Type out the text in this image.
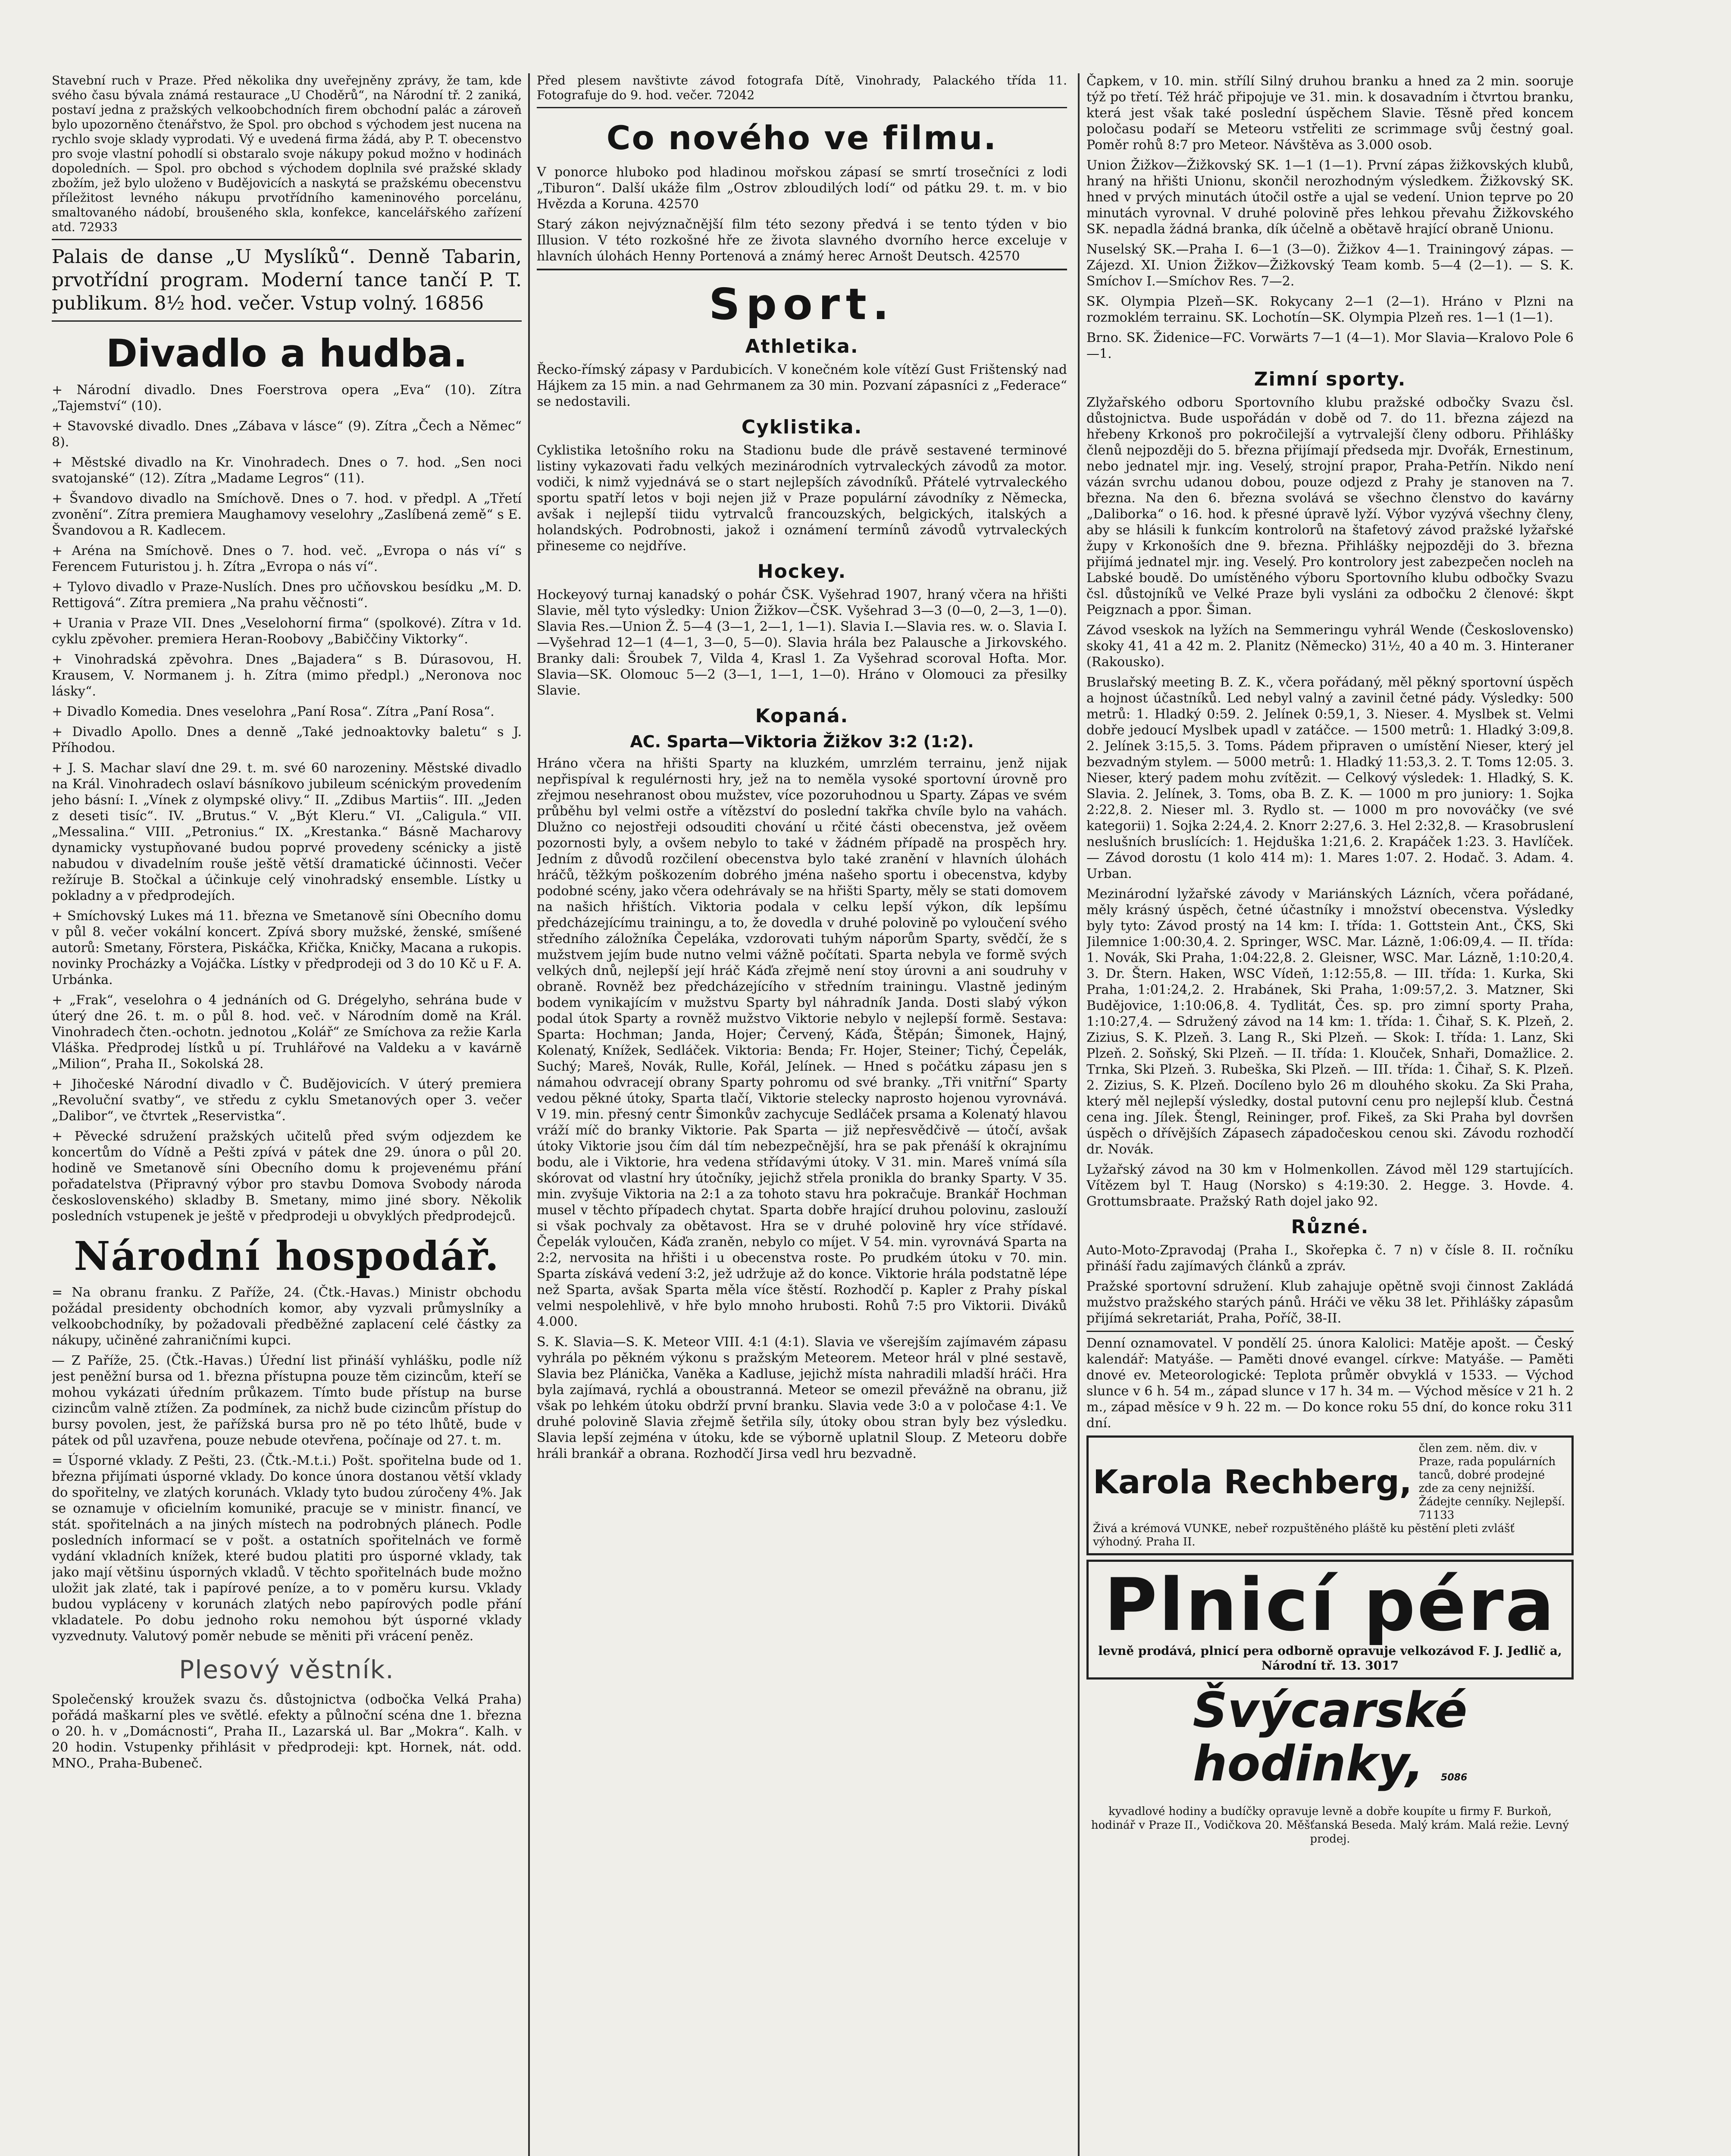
Stavební ruch v Praze. Před několika dny uveřejněny zprávy, že tam, kde svého času bývala známá restaurace „U Choděrů“, na Národní tř. 2 zaniká, postaví jedna z pražských velkoobchodních firem obchodní palác a zároveň bylo upozorněno čtenářstvo, že Spol. pro obchod s východem jest nucena na rychlo svoje sklady vyprodati. Vý e uvedená firma žádá, aby P. T. obecenstvo pro svoje vlastní pohodlí si obstaralo svoje nákupy pokud možno v hodinách dopoledních. — Spol. pro obchod s východem doplnila své pražské sklady zbožím, jež bylo uloženo v Budějovicích a naskytá se pražskému obecenstvu příležitost levného nákupu prvotřídního kameninového porcelánu, smaltovaného nádobí, broušeného skla, konfekce, kancelářského zařízení atd. 72933

Palais de danse „U Myslíků“. Denně Tabarin, prvotřídní program. Moderní tance tančí P. T. publikum. 8½ hod. večer. Vstup volný. 16856

Divadlo a hudba.

+ Národní divadlo. Dnes Foerstrova opera „Eva“ (10). Zítra „Tajemství“ (10).

+ Stavovské divadlo. Dnes „Zábava v lásce“ (9). Zítra „Čech a Němec“ 8).

+ Městské divadlo na Kr. Vinohradech. Dnes o 7. hod. „Sen noci svatojanské“ (12). Zítra „Madame Legros“ (11).

+ Švandovo divadlo na Smíchově. Dnes o 7. hod. v předpl. A „Třetí zvonění“. Zítra premiera Maughamovy veselohry „Zaslíbená země“ s E. Švandovou a R. Kadlecem.

+ Aréna na Smíchově. Dnes o 7. hod. več. „Evropa o nás ví“ s Ferencem Futuristou j. h. Zítra „Evropa o nás ví“.

+ Tylovo divadlo v Praze-Nuslích. Dnes pro učňovskou besídku „M. D. Rettigová“. Zítra premiera „Na prahu věčnosti“.

+ Urania v Praze VII. Dnes „Veselohorní firma“ (spolkové). Zítra v 1d. cyklu zpěvoher. premiera Heran-Roobovy „Babiččiny Viktorky“.

+ Vinohradská zpěvohra. Dnes „Bajadera“ s B. Dúrasovou, H. Krausem, V. Normanem j. h. Zítra (mimo předpl.) „Neronova noc lásky“.

+ Divadlo Komedia. Dnes veselohra „Paní Rosa“. Zítra „Paní Rosa“.

+ Divadlo Apollo. Dnes a denně „Také jednoaktovky baletu“ s J. Příhodou.

+ J. S. Machar slaví dne 29. t. m. své 60 narozeniny. Městské divadlo na Král. Vinohradech oslaví básníkovo jubileum scénickým provedením jeho básní: I. „Vínek z olympské olivy.“ II. „Zdibus Martiis“. III. „Jeden z deseti tisíc“. IV. „Brutus.“ V. „Být Kleru.“ VI. „Caligula.“ VII. „Messalina.“ VIII. „Petronius.“ IX. „Krestanka.“ Básně Macharovy dynamicky vystupňované budou poprvé provedeny scénicky a jistě nabudou v divadelním rouše ještě větší dramatické účinnosti. Večer režíruje B. Stočkal a účinkuje celý vinohradský ensemble. Lístky u pokladny a v předprodejích.

+ Smíchovský Lukes má 11. března ve Smetanově síni Obecního domu v půl 8. večer vokální koncert. Zpívá sbory mužské, ženské, smíšené autorů: Smetany, Förstera, Piskáčka, Křička, Kničky, Macana a rukopis. novinky Procházky a Vojáčka. Lístky v předprodeji od 3 do 10 Kč u F. A. Urbánka.

+ „Frak“, veselohra o 4 jednáních od G. Drégelyho, sehrána bude v úterý dne 26. t. m. o půl 8. hod. več. v Národním domě na Král. Vinohradech čten.-ochotn. jednotou „Kolář“ ze Smíchova za režie Karla Vláška. Předprodej lístků u pí. Truhlářové na Valdeku a v kavárně „Milion“, Praha II., Sokolská 28.

+ Jihočeské Národní divadlo v Č. Budějovicích. V úterý premiera „Revoluční svatby“, ve středu z cyklu Smetanových oper 3. večer „Dalibor“, ve čtvrtek „Reservistka“.

+ Pěvecké sdružení pražských učitelů před svým odjezdem ke koncertům do Vídně a Pešti zpívá v pátek dne 29. února o půl 20. hodině ve Smetanově síni Obecního domu k projevenému přání pořadatelstva (Připravný výbor pro stavbu Domova Svobody národa československého) skladby B. Smetany, mimo jiné sbory. Několik posledních vstupenek je ještě v předprodeji u obvyklých předprodejců.

Národní hospodář.

= Na obranu franku. Z Paříže, 24. (Čtk.-Havas.) Ministr obchodu požádal presidenty obchodních komor, aby vyzvali průmyslníky a velkoobchodníky, by požadovali předběžné zaplacení celé částky za nákupy, učiněné zahraničními kupci.

— Z Paříže, 25. (Čtk.-Havas.) Úřední list přináší vyhlášku, podle níž jest peněžní bursa od 1. března přístupna pouze těm cizincům, kteří se mohou vykázati úředním průkazem. Tímto bude přístup na burse cizincům valně ztížen. Za podmínek, za nichž bude cizincům přístup do bursy povolen, jest, že pařížská bursa pro ně po této lhůtě, bude v pátek od půl uzavřena, pouze nebude otevřena, počínaje od 27. t. m.

= Úsporné vklady. Z Pešti, 23. (Čtk.-M.t.i.) Pošt. spořitelna bude od 1. března přijímati úsporné vklady. Do konce února dostanou větší vklady do spořitelny, ve zlatých korunách. Vklady tyto budou zúročeny 4%. Jak se oznamuje v oficielním komuniké, pracuje se v ministr. financí, ve stát. spořitelnách a na jiných místech na podrobných plánech. Podle posledních informací se v pošt. a ostatních spořitelnách ve formě vydání vkladních knížek, které budou platiti pro úsporné vklady, tak jako mají většinu úsporných vkladů. V těchto spořitelnách bude možno uložit jak zlaté, tak i papírové peníze, a to v poměru kursu. Vklady budou vypláceny v korunách zlatých nebo papírových podle přání vkladatele. Po dobu jednoho roku nemohou být úsporné vklady vyzvednuty. Valutový poměr nebude se měniti při vrácení peněz.

Plesový věstník.

Společenský kroužek svazu čs. důstojnictva (odbočka Velká Praha) pořádá maškarní ples ve světlé. efekty a půlnoční scéna dne 1. března o 20. h. v „Domácnosti“, Praha II., Lazarská ul. Bar „Mokra“. Kalh. v 20 hodin. Vstupenky přihlásit v předprodeji: kpt. Hornek, nát. odd. MNO., Praha-Bubeneč.

Před plesem navštivte závod fotografa Dítě, Vinohrady, Palackého třída 11. Fotografuje do 9. hod. večer. 72042

Co nového ve filmu.

V ponorce hluboko pod hladinou mořskou zápasí se smrtí trosečníci z lodi „Tiburon“. Další ukáže film „Ostrov zbloudilých lodí“ od pátku 29. t. m. v bio Hvězda a Koruna. 42570

Starý zákon nejvýznačnější film této sezony předvá i se tento týden v bio Illusion. V této rozkošné hře ze života slavného dvorního herce exceluje v hlavních úlohách Henny Portenová a známý herec Arnošt Deutsch. 42570

Sport.
Athletika.

Řecko-římský zápasy v Pardubicích. V konečném kole vítězí Gust Frištenský nad Hájkem za 15 min. a nad Gehrmanem za 30 min. Pozvaní zápasníci z „Federace“ se nedostavili.

Cyklistika.

Cyklistika letošního roku na Stadionu bude dle právě sestavené terminové listiny vykazovati řadu velkých mezinárodních vytrvaleckých závodů za motor. vodiči, k nimž vyjednává se o start nejlepších závodníků. Přátelé vytrvaleckého sportu spatří letos v boji nejen již v Praze populární závodníky z Německa, avšak i nejlepší tiidu vytrvalců francouzských, belgických, italských a holandských. Podrobnosti, jakož i oznámení termínů závodů vytrvaleckých přineseme co nejdříve.

Hockey.

Hockeyový turnaj kanadský o pohár ČSK. Vyšehrad 1907, hraný včera na hřišti Slavie, měl tyto výsledky: Union Žižkov—ČSK. Vyšehrad 3—3 (0—0, 2—3, 1—0). Slavia Res.—Union Ž. 5—4 (3—1, 2—1, 1—1). Slavia I.—Slavia res. w. o. Slavia I.—Vyšehrad 12—1 (4—1, 3—0, 5—0). Slavia hrála bez Palausche a Jirkovského. Branky dali: Šroubek 7, Vilda 4, Krasl 1. Za Vyšehrad scoroval Hofta. Mor. Slavia—SK. Olomouc 5—2 (3—1, 1—1, 1—0). Hráno v Olomouci za přesilky Slavie.

Kopaná.
AC. Sparta—Viktoria Žižkov 3:2 (1:2).

Hráno včera na hřišti Sparty na kluzkém, umrzlém terrainu, jenž nijak nepřispíval k regulérnosti hry, jež na to neměla vysoké sportovní úrovně pro zřejmou nesehranost obou mužstev, více pozoruhodnou u Sparty. Zápas ve svém průběhu byl velmi ostře a vítězství do poslední takřka chvíle bylo na vahách. Dlužno co nejostřeji odsouditi chování u rčité části obecenstva, jež ověem pozornosti byly, a ovšem nebylo to také v žádném případě na prospěch hry. Jedním z důvodů rozčilení obecenstva bylo také zranění v hlavních úlohách hráčů, těžkým poškozením dobrého jména našeho sportu i obecenstva, kdyby podobné scény, jako včera odehrávaly se na hřišti Sparty, měly se stati domovem na našich hřištích. Viktoria podala v celku lepší výkon, dík lepšímu předcházejícímu trainingu, a to, že dovedla v druhé polovině po vyloučení svého středního záložníka Čepeláka, vzdorovati tuhým náporům Sparty, svědčí, že s mužstvem jejím bude nutno velmi vážně počítati. Sparta nebyla ve formě svých velkých dnů, nejlepší její hráč Káďa zřejmě není stoy úrovni a ani soudruhy v obraně. Rovněž bez předcházejícího v středním trainingu. Vlastně jediným bodem vynikajícím v mužstvu Sparty byl náhradník Janda. Dosti slabý výkon podal útok Sparty a rovněž mužstvo Viktorie nebylo v nejlepší formě. Sestava: Sparta: Hochman; Janda, Hojer; Červený, Káďa, Štěpán; Šimonek, Hajný, Kolenatý, Knížek, Sedláček. Viktoria: Benda; Fr. Hojer, Steiner; Tichý, Čepelák, Suchý; Mareš, Novák, Rulle, Kořál, Jelínek. — Hned s počátku zápasu jen s námahou odvracejí obrany Sparty pohromu od své branky. „Tři vnitřní“ Sparty vedou pěkné útoky, Sparta tlačí, Viktorie stelecky naprosto hojenou vyrovnává. V 19. min. přesný centr Šimonkův zachycuje Sedláček prsama a Kolenatý hlavou vráží míč do branky Viktorie. Pak Sparta — již nepřesvědčivě — útočí, avšak útoky Viktorie jsou čím dál tím nebezpečnější, hra se pak přenáší k okrajnímu bodu, ale i Viktorie, hra vedena střídavými útoky. V 31. min. Mareš vnímá síla skórovat od vlastní hry útočníky, jejichž střela pronikla do branky Sparty. V 35. min. zvyšuje Viktoria na 2:1 a za tohoto stavu hra pokračuje. Brankář Hochman musel v těchto případech chytat. Sparta dobře hrající druhou polovinu, zaslouží si však pochvaly za obětavost. Hra se v druhé polovině hry více střídavé. Čepelák vyloučen, Káďa zraněn, nebylo co míjet. V 54. min. vyrovnává Sparta na 2:2, nervosita na hřišti i u obecenstva roste. Po prudkém útoku v 70. min. Sparta získává vedení 3:2, jež udržuje až do konce. Viktorie hrála podstatně lépe než Sparta, avšak Sparta měla více štěstí. Rozhodčí p. Kapler z Prahy pískal velmi nespolehlivě, v hře bylo mnoho hrubosti. Rohů 7:5 pro Viktorii. Diváků 4.000.

S. K. Slavia—S. K. Meteor VIII. 4:1 (4:1). Slavia ve všerejším zajímavém zápasu vyhrála po pěkném výkonu s pražským Meteorem. Meteor hrál v plné sestavě, Slavia bez Plánička, Vaněka a Kadluse, jejichž místa nahradili mladší hráči. Hra byla zajímavá, rychlá a oboustranná. Meteor se omezil převážně na obranu, již však po lehkém útoku obdrží první branku. Slavia vede 3:0 a v poločase 4:1. Ve druhé polovině Slavia zřejmě šetřila síly, útoky obou stran byly bez výsledku. Slavia lepší zejména v útoku, kde se výborně uplatnil Sloup. Z Meteoru dobře hráli brankář a obrana. Rozhodčí Jirsa vedl hru bezvadně.

Čapkem, v 10. min. střílí Silný druhou branku a hned za 2 min. sooruje týž po třetí. Též hráč připojuje ve 31. min. k dosavadním i čtvrtou branku, která jest však také poslední úspěchem Slavie. Těsně před koncem poločasu podaří se Meteoru vstřeliti ze scrimmage svůj čestný goal. Poměr rohů 8:7 pro Meteor. Návštěva as 3.000 osob.

Union Žižkov—Žižkovský SK. 1—1 (1—1). První zápas žižkovských klubů, hraný na hřišti Unionu, skončil nerozhodným výsledkem. Žižkovský SK. hned v prvých minutách útočil ostře a ujal se vedení. Union teprve po 20 minutách vyrovnal. V druhé polovině přes lehkou převahu Žižkovského SK. nepadla žádná branka, dík účelně a obětavě hrající obraně Unionu.

Nuselský SK.—Praha I. 6—1 (3—0). Žižkov 4—1. Trainingový zápas. — Zájezd. XI. Union Žižkov—Žižkovský Team komb. 5—4 (2—1). — S. K. Smíchov I.—Smíchov Res. 7—2.

SK. Olympia Plzeň—SK. Rokycany 2—1 (2—1). Hráno v Plzni na rozmoklém terrainu. SK. Lochotín—SK. Olympia Plzeň res. 1—1 (1—1).

Brno. SK. Židenice—FC. Vorwärts 7—1 (4—1). Mor Slavia—Kralovo Pole 6—1.

Zimní sporty.

Zlyžařského odboru Sportovního klubu pražské odbočky Svazu čsl. důstojnictva. Bude uspořádán v době od 7. do 11. března zájezd na hřebeny Krkonoš pro pokročilejší a vytrvalejší členy odboru. Přihlášky členů nejpozději do 5. března přijímají předseda mjr. Dvořák, Ernestinum, nebo jednatel mjr. ing. Veselý, strojní prapor, Praha-Petřín. Nikdo není vázán svrchu udanou dobou, pouze odjezd z Prahy je stanoven na 7. března. Na den 6. března svolává se všechno členstvo do kavárny „Daliborka“ o 16. hod. k přesné úpravě lyží. Výbor vyzývá všechny členy, aby se hlásili k funkcím kontrolorů na štafetový závod pražské lyžařské župy v Krkonoších dne 9. března. Přihlášky nejpozději do 3. března přijímá jednatel mjr. ing. Veselý. Pro kontrolory jest zabezpečen nocleh na Labské boudě. Do umístěného výboru Sportovního klubu odbočky Svazu čsl. důstojníků ve Velké Praze byli vysláni za odbočku 2 členové: škpt Peigznach a ppor. Šiman.

Závod vseskok na lyžích na Semmeringu vyhrál Wende (Československo) skoky 41, 41 a 42 m. 2. Planitz (Německo) 31½, 40 a 40 m. 3. Hinteraner (Rakousko).

Bruslařský meeting B. Z. K., včera pořádaný, měl pěkný sportovní úspěch a hojnost účastníků. Led nebyl valný a zavinil četné pády. Výsledky: 500 metrů: 1. Hladký 0:59. 2. Jelínek 0:59,1, 3. Nieser. 4. Myslbek st. Velmi dobře jedoucí Myslbek upadl v zatáčce. — 1500 metrů: 1. Hladký 3:09,8. 2. Jelínek 3:15,5. 3. Toms. Pádem připraven o umístění Nieser, který jel bezvadným stylem. — 5000 metrů: 1. Hladký 11:53,3. 2. T. Toms 12:05. 3. Nieser, který padem mohu zvítězit. — Celkový výsledek: 1. Hladký, S. K. Slavia. 2. Jelínek, 3. Toms, oba B. Z. K. — 1000 m pro juniory: 1. Sojka 2:22,8. 2. Nieser ml. 3. Rydlo st. — 1000 m pro novováčky (ve své kategorii) 1. Sojka 2:24,4. 2. Knorr 2:27,6. 3. Hel 2:32,8. — Krasobruslení neslušních bruslících: 1. Hejduška 1:21,6. 2. Krapáček 1:23. 3. Havlíček. — Závod dorostu (1 kolo 414 m): 1. Mares 1:07. 2. Hodač. 3. Adam. 4. Urban.

Mezinárodní lyžařské závody v Mariánských Lázních, včera pořádané, měly krásný úspěch, četné účastníky i množství obecenstva. Výsledky byly tyto: Závod prostý na 14 km: I. třída: 1. Gottstein Ant., ČKS, Ski Jilemnice 1:00:30,4. 2. Springer, WSC. Mar. Lázně, 1:06:09,4. — II. třída: 1. Novák, Ski Praha, 1:04:22,8. 2. Gleisner, WSC. Mar. Lázně, 1:10:20,4. 3. Dr. Štern. Haken, WSC Vídeň, 1:12:55,8. — III. třída: 1. Kurka, Ski Praha, 1:01:24,2. 2. Hrabánek, Ski Praha, 1:09:57,2. 3. Matzner, Ski Budějovice, 1:10:06,8. 4. Tydlitát, Čes. sp. pro zimní sporty Praha, 1:10:27,4. — Sdružený závod na 14 km: 1. třída: 1. Čihař, S. K. Plzeň, 2. Zizius, S. K. Plzeň. 3. Lang R., Ski Plzeň. — Skok: I. třída: 1. Lanz, Ski Plzeň. 2. Soňský, Ski Plzeň. — II. třída: 1. Klouček, Snhaři, Domažlice. 2. Trnka, Ski Plzeň. 3. Rubeška, Ski Plzeň. — III. třída: 1. Čihař, S. K. Plzeň. 2. Zizius, S. K. Plzeň. Docíleno bylo 26 m dlouhého skoku. Za Ski Praha, který měl nejlepší výsledky, dostal putovní cenu pro nejlepší klub. Čestná cena ing. Jílek. Štengl, Reininger, prof. Fikeš, za Ski Praha byl dovršen úspěch o dřívějších Zápasech západočeskou cenou ski. Závodu rozhodčí dr. Novák.

Lyžařský závod na 30 km v Holmenkollen. Závod měl 129 startujících. Vítězem byl T. Haug (Norsko) s 4:19:30. 2. Hegge. 3. Hovde. 4. Grottumsbraate. Pražský Rath dojel jako 92.

Různé.

Auto-Moto-Zpravodaj (Praha I., Skořepka č. 7 n) v čísle 8. II. ročníku přináší řadu zajímavých článků a zpráv.

Pražské sportovní sdružení. Klub zahajuje opětně svoji činnost Zakládá mužstvo pražského starých pánů. Hráči ve věku 38 let. Přihlášky zápasům přijímá sekretariát, Praha, Poříč, 38-II.

Denní oznamovatel. V pondělí 25. února Kalolici: Matěje apošt. — Český kalendář: Matyáše. — Paměti dnové evangel. církve: Matyáše. — Paměti dnové ev. Meteorologické: Teplota průměr obvyklá v 1533. — Východ slunce v 6 h. 54 m., západ slunce v 17 h. 34 m. — Východ měsíce v 21 h. 2 m., západ měsíce v 9 h. 22 m. — Do konce roku 55 dní, do konce roku 311 dní.

Karola Rechberg,
člen zem. něm. div. v Praze, rada populárních tanců, dobré prodejné zde za ceny nejnižší. Žádejte cenníky. Nejlepší. 71133
Živá a krémová VUNKE, nebeř rozpuštěného pláště ku pěstění pleti zvlášť výhodný. Praha II.
Plnicí péra
levně prodává, plnicí pera odborně opravuje velkozávod F. J. Jedlič a, Národní tř. 13. 3017
Švýcarské hodinky, 5086
kyvadlové hodiny a budíčky opravuje levně a dobře koupíte u firmy F. Burkoň, hodinář v Praze II., Vodičkova 20. Měšťanská Beseda. Malý krám. Malá režie. Levný prodej.
